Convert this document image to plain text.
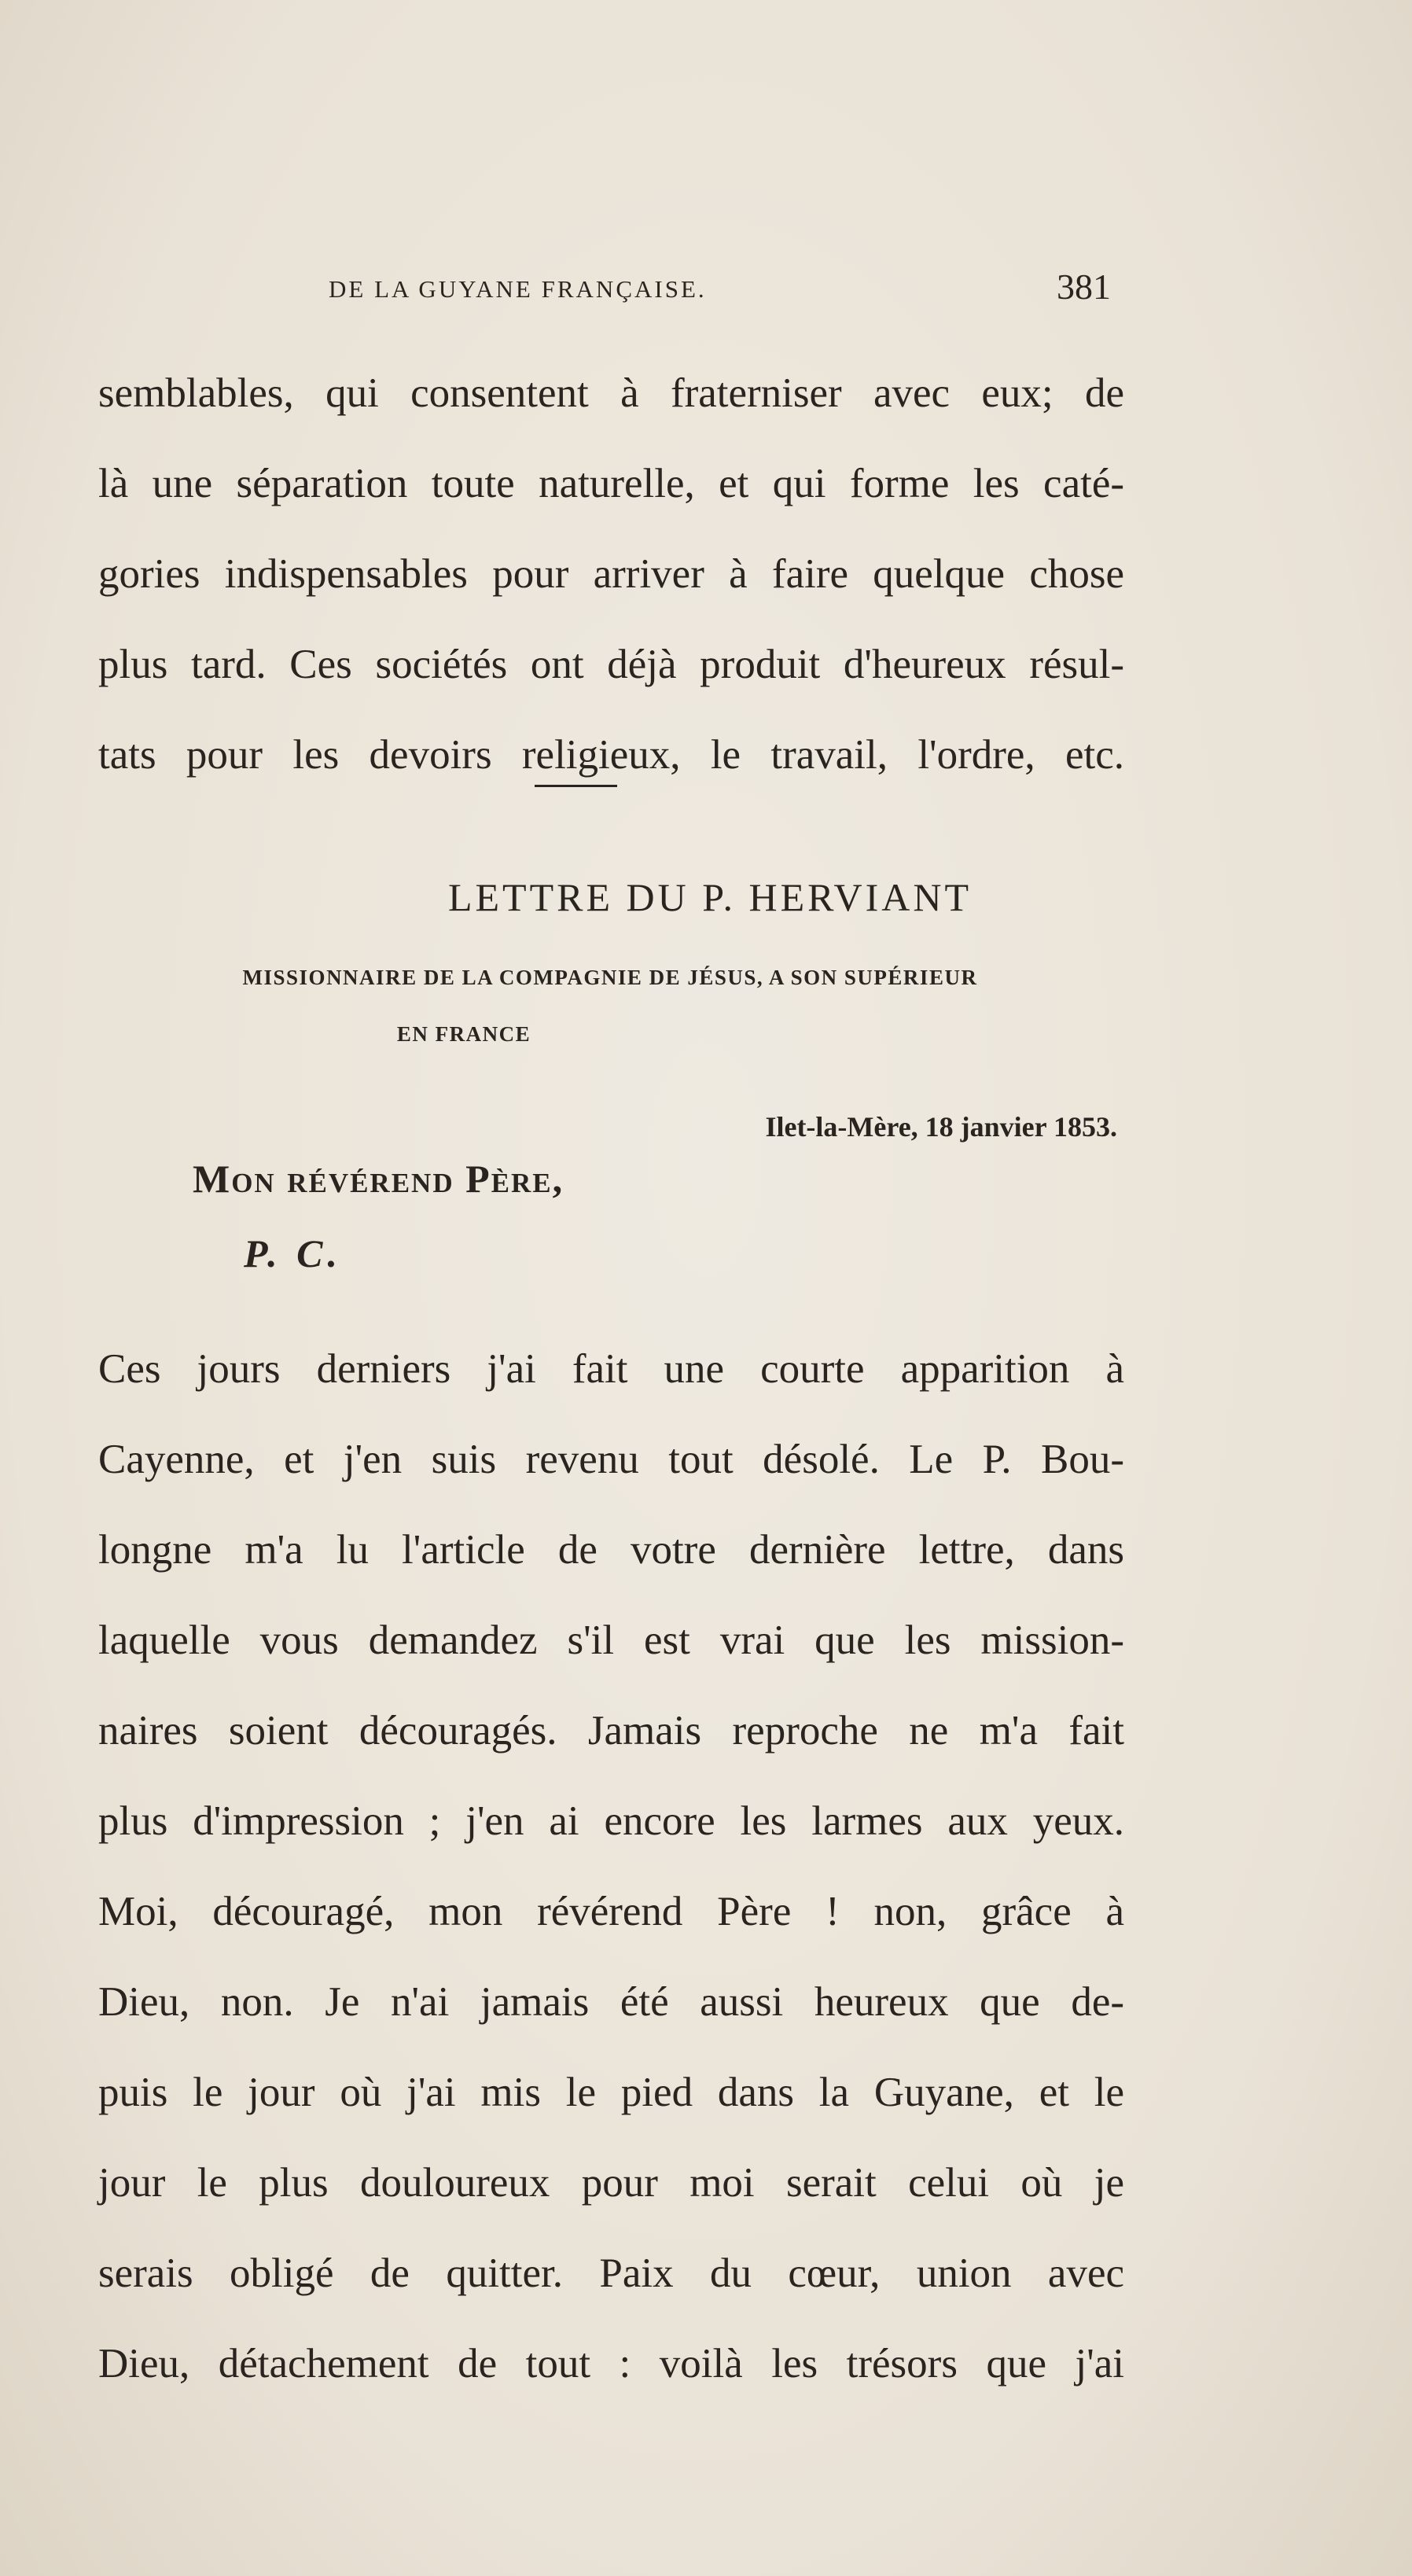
DE LA GUYANE FRANÇAISE.	381
semblables, qui consentent à fraterniser avec eux; de
là une séparation toute naturelle, et qui forme les caté-
gories indispensables pour arriver à faire quelque chose
plus tard. Ces sociétés ont déjà produit d'heureux résul-
tats pour les devoirs religieux, le travail, l'ordre, etc.
LETTRE DU P. HERVIANT
MISSIONNAIRE DE LA COMPAGNIE DE JÉSUS, A SON SUPÉRIEUR
EN FRANCE
Ilet-la-Mère, 18 janvier 1853.
Mon révérend Père,
P. C.
Ces jours derniers j'ai fait une courte apparition à
Cayenne, et j'en suis revenu tout désolé. Le P. Bou-
longne m'a lu l'article de votre dernière lettre, dans
laquelle vous demandez s'il est vrai que les mission-
naires soient découragés. Jamais reproche ne m'a fait
plus d'impression ; j'en ai encore les larmes aux yeux.
Moi, découragé, mon révérend Père ! non, grâce à
Dieu, non. Je n'ai jamais été aussi heureux que de-
puis le jour où j'ai mis le pied dans la Guyane, et le
jour le plus douloureux pour moi serait celui où je
serais obligé de quitter. Paix du cœur, union avec
Dieu, détachement de tout : voilà les trésors que j'ai
